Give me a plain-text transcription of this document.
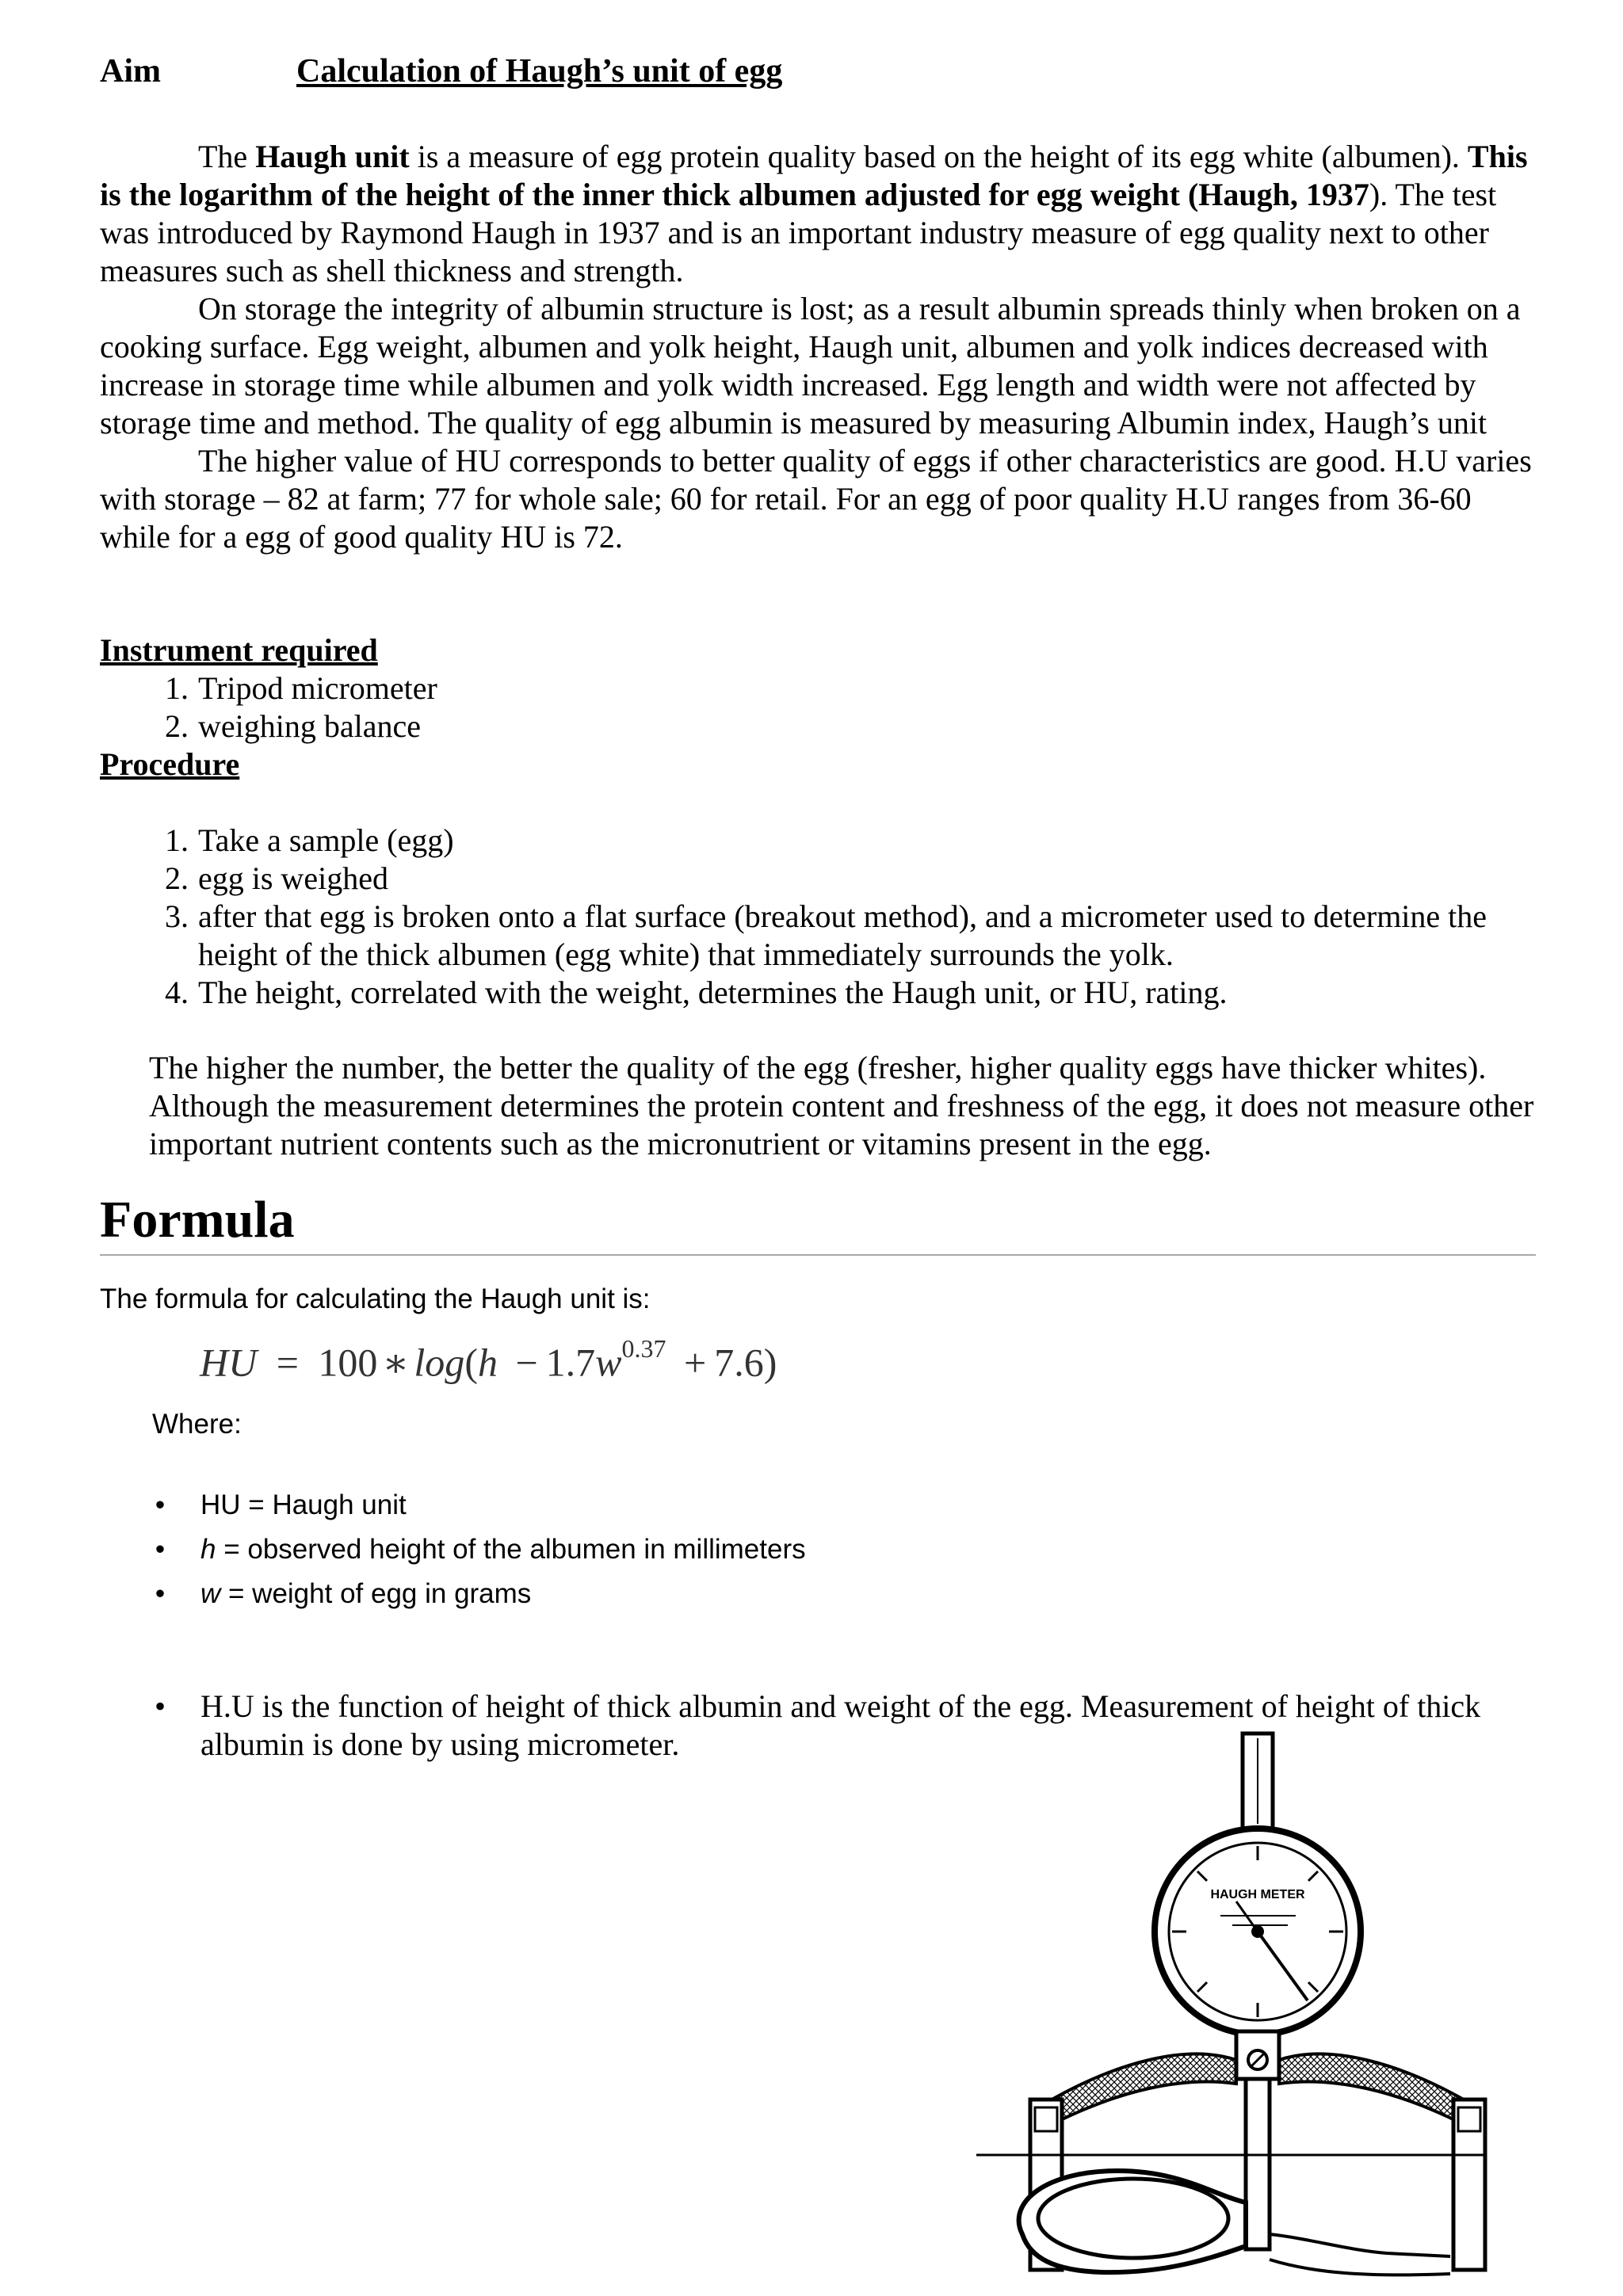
Aim	Calculation of Haugh’s unit of egg

The Haugh unit is a measure of egg protein quality based on the height of its egg white (albumen). This is the logarithm of the height of the inner thick albumen adjusted for egg weight (Haugh, 1937). The test was introduced by Raymond Haugh in 1937 and is an important industry measure of egg quality next to other measures such as shell thickness and strength.

On storage the integrity of albumin structure is lost; as a result albumin spreads thinly when broken on a cooking surface. Egg weight, albumen and yolk height, Haugh unit, albumen and yolk indices decreased with increase in storage time while albumen and yolk width increased. Egg length and width were not affected by storage time and method. The quality of egg albumin is measured by measuring Albumin index, Haugh’s unit

The higher value of HU corresponds to better quality of eggs if other characteristics are good. H.U varies with storage – 82 at farm; 77 for whole sale; 60 for retail. For an egg of poor quality H.U ranges from 36-60 while for a egg of good quality HU is 72.

Instrument required
1. Tripod micrometer
2. weighing balance
Procedure
1. Take a sample (egg)
2. egg is weighed
3. after that egg is broken onto a flat surface (breakout method), and a micrometer used to determine the height of the thick albumen (egg white) that immediately surrounds the yolk.
4. The height, correlated with the weight, determines the Haugh unit, or HU, rating.

The higher the number, the better the quality of the egg (fresher, higher quality eggs have thicker whites). Although the measurement determines the protein content and freshness of the egg, it does not measure other important nutrient contents such as the micronutrient or vitamins present in the egg.

Formula
The formula for calculating the Haugh unit is:
HU = 100 ∗ $\log(h - 1.7w^{0.37} + 7.6)$
Where:
• HU = Haugh unit
• h = observed height of the albumen in millimeters
• w = weight of egg in grams
• H.U is the function of height of thick albumin and weight of the egg. Measurement of height of thick albumin is done by using micrometer.
HAUGH METER
